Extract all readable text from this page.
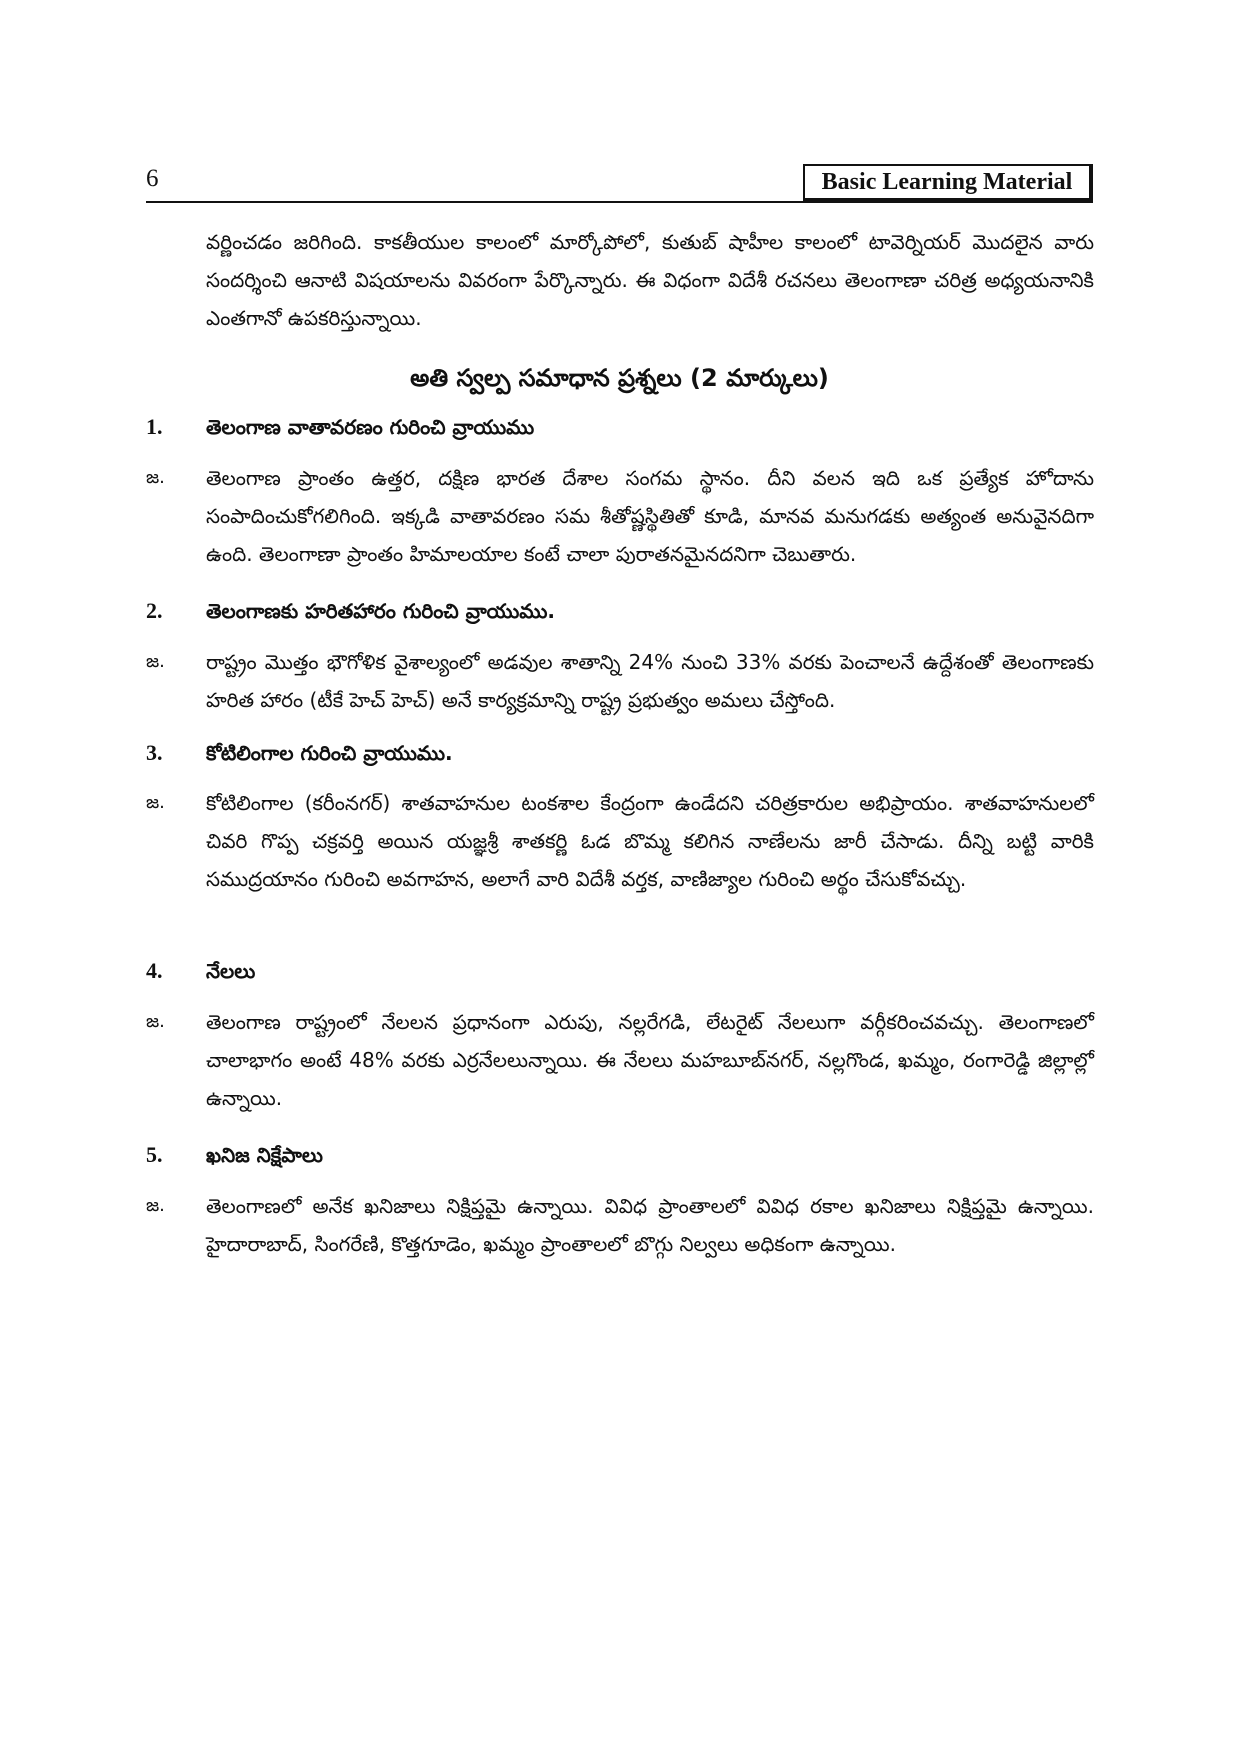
6	Basic Learning Material

వర్ణించడం జరిగింది. కాకతీయుల కాలంలో మార్కోపోలో, కుతుబ్ షాహీల కాలంలో టావెర్నియర్ మొదలైన వారు సందర్శించి ఆనాటి విషయాలను వివరంగా పేర్కొన్నారు. ఈ విధంగా విదేశీ రచనలు తెలంగాణా చరిత్ర అధ్యయనానికి ఎంతగానో ఉపకరిస్తున్నాయి.

అతి స్వల్ప సమాధాన ప్రశ్నలు (2 మార్కులు)
1. తెలంగాణ వాతావరణం గురించి వ్రాయుము
జ. తెలంగాణ ప్రాంతం ఉత్తర, దక్షిణ భారత దేశాల సంగమ స్థానం. దీని వలన ఇది ఒక ప్రత్యేక హోదాను సంపాదించుకోగలిగింది. ఇక్కడి వాతావరణం సమ శీతోష్ణస్థితితో కూడి, మానవ మనుగడకు అత్యంత అనువైనదిగా ఉంది. తెలంగాణా ప్రాంతం హిమాలయాల కంటే చాలా పురాతనమైనదనిగా చెబుతారు.

2. తెలంగాణకు హరితహారం గురించి వ్రాయుము.
జ. రాష్ట్రం మొత్తం భౌగోళిక వైశాల్యంలో అడవుల శాతాన్ని 24% నుంచి 33% వరకు పెంచాలనే ఉద్దేశంతో తెలంగాణకు హరిత హారం (టీకే హెచ్ హెచ్) అనే కార్యక్రమాన్ని రాష్ట్ర ప్రభుత్వం అమలు చేస్తోంది.

3. కోటిలింగాల గురించి వ్రాయుము.
జ. కోటిలింగాల (కరీంనగర్) శాతవాహనుల టంకశాల కేంద్రంగా ఉండేదని చరిత్రకారుల అభిప్రాయం. శాతవాహనులలో చివరి గొప్ప చక్రవర్తి అయిన యజ్ఞశ్రీ శాతకర్ణి ఓడ బొమ్మ కలిగిన నాణేలను జారీ చేసాడు. దీన్ని బట్టి వారికి సముద్రయానం గురించి అవగాహన, అలాగే వారి విదేశీ వర్తక, వాణిజ్యాల గురించి అర్థం చేసుకోవచ్చు.

4. నేలలు
జ. తెలంగాణ రాష్ట్రంలో నేలలన ప్రధానంగా ఎరుపు, నల్లరేగడి, లేటరైట్ నేలలుగా వర్గీకరించవచ్చు. తెలంగాణలో చాలాభాగం అంటే 48% వరకు ఎర్రనేలలున్నాయి. ఈ నేలలు మహబూబ్‌నగర్, నల్లగొండ, ఖమ్మం, రంగారెడ్డి జిల్లాల్లో ఉన్నాయి.

5. ఖనిజ నిక్షేపాలు
జ. తెలంగాణలో అనేక ఖనిజాలు నిక్షిప్తమై ఉన్నాయి. వివిధ ప్రాంతాలలో వివిధ రకాల ఖనిజాలు నిక్షిప్తమై ఉన్నాయి. హైదారాబాద్, సింగరేణి, కొత్తగూడెం, ఖమ్మం ప్రాంతాలలో బొగ్గు నిల్వలు అధికంగా ఉన్నాయి.
